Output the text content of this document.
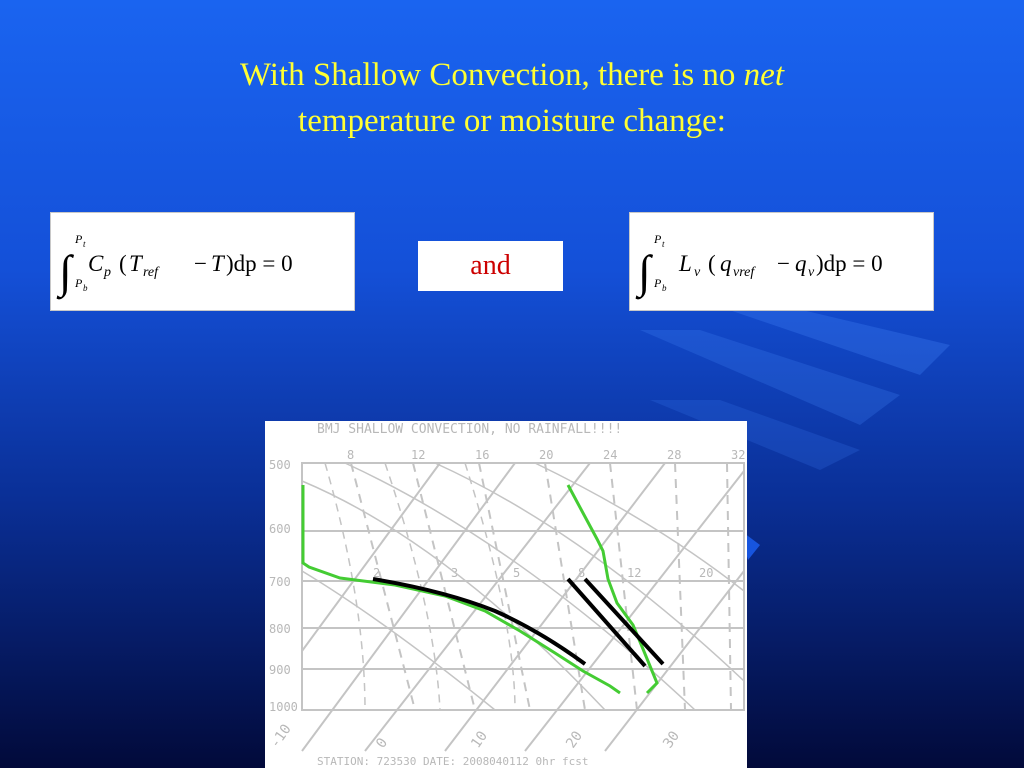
With Shallow Convection, there is no net
temperature or moisture change:
∫
P t
P b
C p ( T ref − T )dp = 0	and	∫
P t
P b
L v ( q vref − q v )dp = 0
BMJ SHALLOW CONVECTION, NO RAINFALL!!!!
8	12	16	20	24	28	32
2	3	5	8	12	20
500
600
700
800
900
1000
-10	0	10	20	30
STATION: 723530 DATE: 2008040112 0hr fcst
